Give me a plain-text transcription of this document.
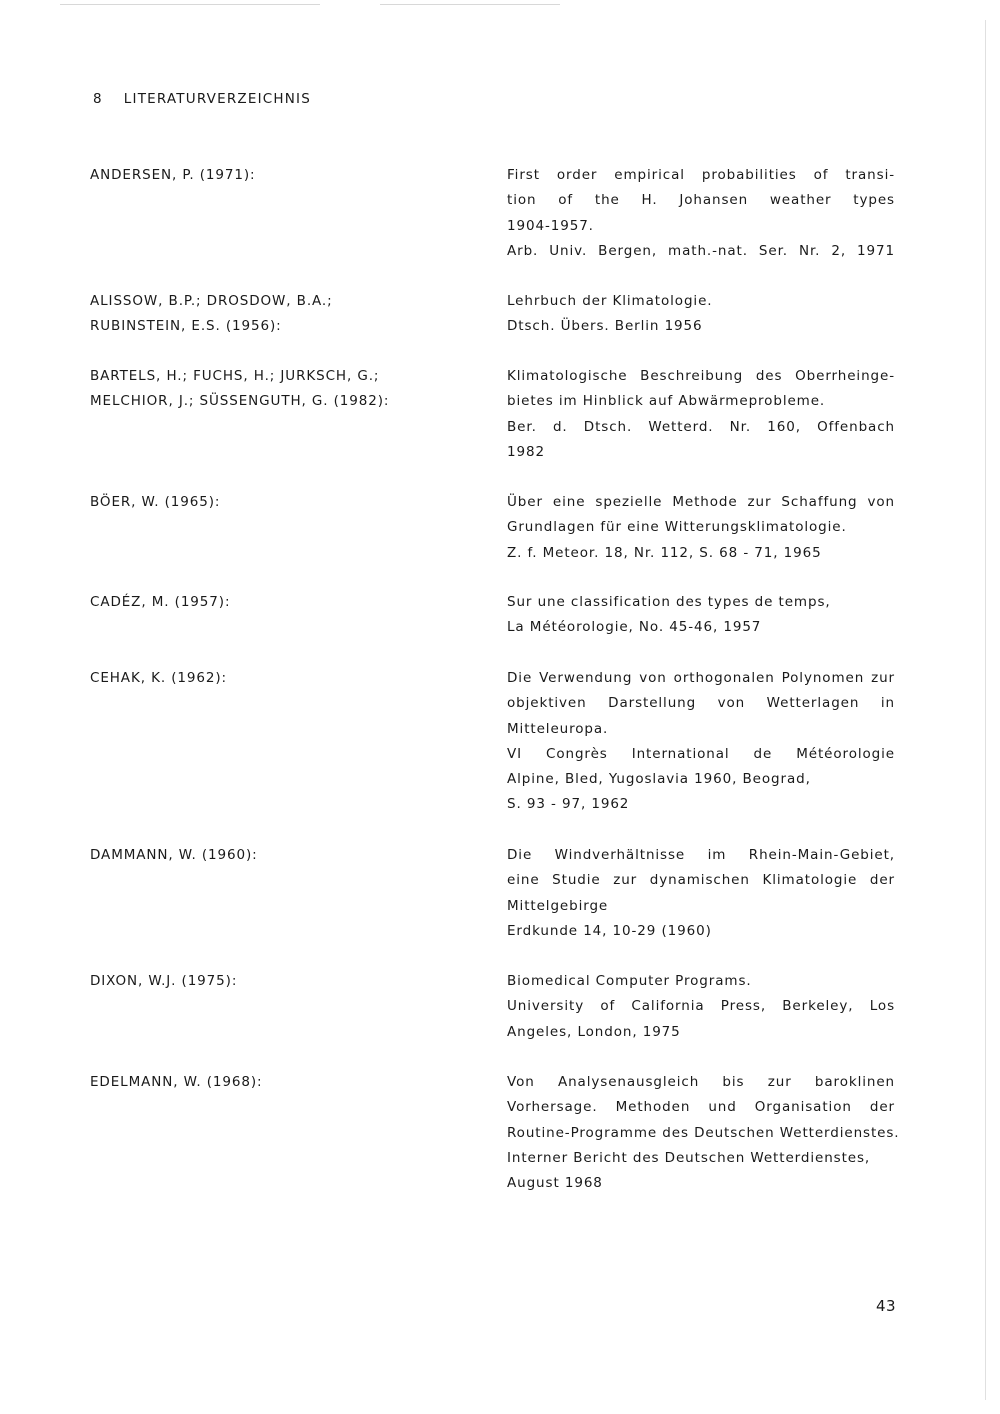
8 LITERATURVERZEICHNIS
ANDERSEN, P. (1971):	First order empirical probabilities of transi-
tion of the H. Johansen weather types
1904-1957.
Arb. Univ. Bergen, math.-nat. Ser. Nr. 2, 1971
ALISSOW, B.P.; DROSDOW, B.A.;
RUBINSTEIN, E.S. (1956):
Lehrbuch der Klimatologie.
Dtsch. Übers. Berlin 1956
BARTELS, H.; FUCHS, H.; JURKSCH, G.;
MELCHIOR, J.; SÜSSENGUTH, G. (1982):
Klimatologische Beschreibung des Oberrheinge-
bietes im Hinblick auf Abwärmeprobleme.
Ber. d. Dtsch. Wetterd. Nr. 160, Offenbach
1982
BÖER, W. (1965):	Über eine spezielle Methode zur Schaffung von
Grundlagen für eine Witterungsklimatologie.
Z. f. Meteor. 18, Nr. 112, S. 68 - 71, 1965
CADÉZ, M. (1957):	Sur une classification des types de temps,
La Météorologie, No. 45-46, 1957
CEHAK, K. (1962):	Die Verwendung von orthogonalen Polynomen zur
objektiven Darstellung von Wetterlagen in
Mitteleuropa.
VI Congrès International de Météorologie
Alpine, Bled, Yugoslavia 1960, Beograd,
S. 93 - 97, 1962
DAMMANN, W. (1960):	Die Windverhältnisse im Rhein-Main-Gebiet,
eine Studie zur dynamischen Klimatologie der
Mittelgebirge
Erdkunde 14, 10-29 (1960)
DIXON, W.J. (1975):	Biomedical Computer Programs.
University of California Press, Berkeley, Los
Angeles, London, 1975
EDELMANN, W. (1968):	Von Analysenausgleich bis zur baroklinen
Vorhersage. Methoden und Organisation der
Routine-Programme des Deutschen Wetterdienstes.
Interner Bericht des Deutschen Wetterdienstes,
August 1968
43
